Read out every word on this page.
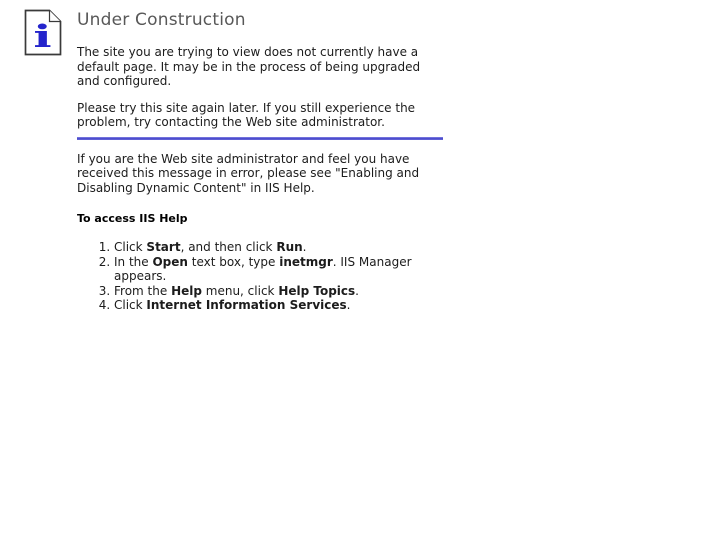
i Under Construction

The site you are trying to view does not currently have a default page. It may be in the process of being upgraded and configured.

Please try this site again later. If you still experience the problem, try contacting the Web site administrator.

If you are the Web site administrator and feel you have received this message in error, please see "Enabling and Disabling Dynamic Content" in IIS Help.

To access IIS Help
1. Click Start, and then click Run.
2. In the Open text box, type inetmgr. IIS Manager appears.
3. From the Help menu, click Help Topics.
4. Click Internet Information Services.
